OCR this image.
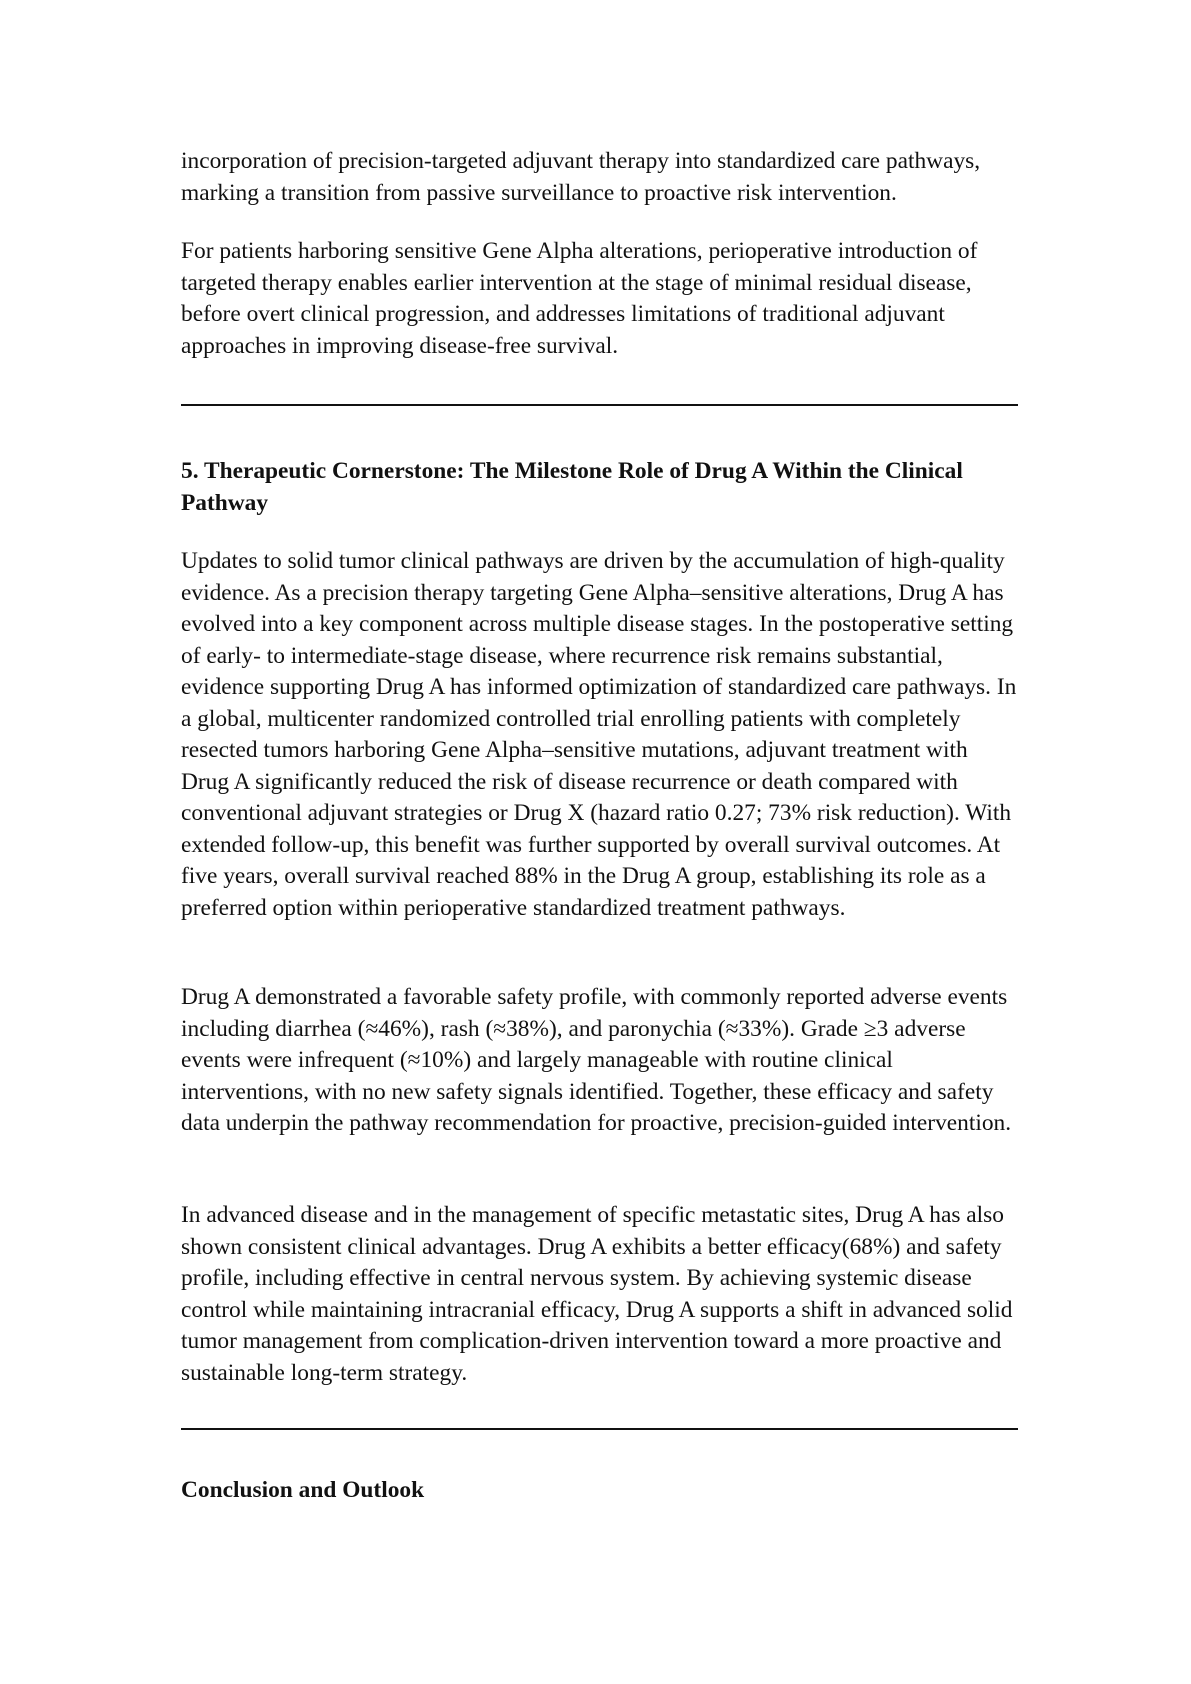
incorporation of precision-targeted adjuvant therapy into standardized care pathways, marking a transition from passive surveillance to proactive risk intervention.

For patients harboring sensitive Gene Alpha alterations, perioperative introduction of targeted therapy enables earlier intervention at the stage of minimal residual disease, before overt clinical progression, and addresses limitations of traditional adjuvant approaches in improving disease-free survival.

5. Therapeutic Cornerstone: The Milestone Role of Drug A Within the Clinical Pathway

Updates to solid tumor clinical pathways are driven by the accumulation of high-quality evidence. As a precision therapy targeting Gene Alpha–sensitive alterations, Drug A has evolved into a key component across multiple disease stages. In the postoperative setting of early- to intermediate-stage disease, where recurrence risk remains substantial, evidence supporting Drug A has informed optimization of standardized care pathways. In a global, multicenter randomized controlled trial enrolling patients with completely resected tumors harboring Gene Alpha–sensitive mutations, adjuvant treatment with Drug A significantly reduced the risk of disease recurrence or death compared with conventional adjuvant strategies or Drug X (hazard ratio 0.27; 73% risk reduction). With extended follow-up, this benefit was further supported by overall survival outcomes. At five years, overall survival reached 88% in the Drug A group, establishing its role as a preferred option within perioperative standardized treatment pathways.

Drug A demonstrated a favorable safety profile, with commonly reported adverse events including diarrhea (≈46%), rash (≈38%), and paronychia (≈33%). Grade ≥3 adverse events were infrequent (≈10%) and largely manageable with routine clinical interventions, with no new safety signals identified. Together, these efficacy and safety data underpin the pathway recommendation for proactive, precision-guided intervention.

In advanced disease and in the management of specific metastatic sites, Drug A has also shown consistent clinical advantages. Drug A exhibits a better efficacy(68%) and safety profile, including effective in central nervous system. By achieving systemic disease control while maintaining intracranial efficacy, Drug A supports a shift in advanced solid tumor management from complication-driven intervention toward a more proactive and sustainable long-term strategy.

Conclusion and Outlook
